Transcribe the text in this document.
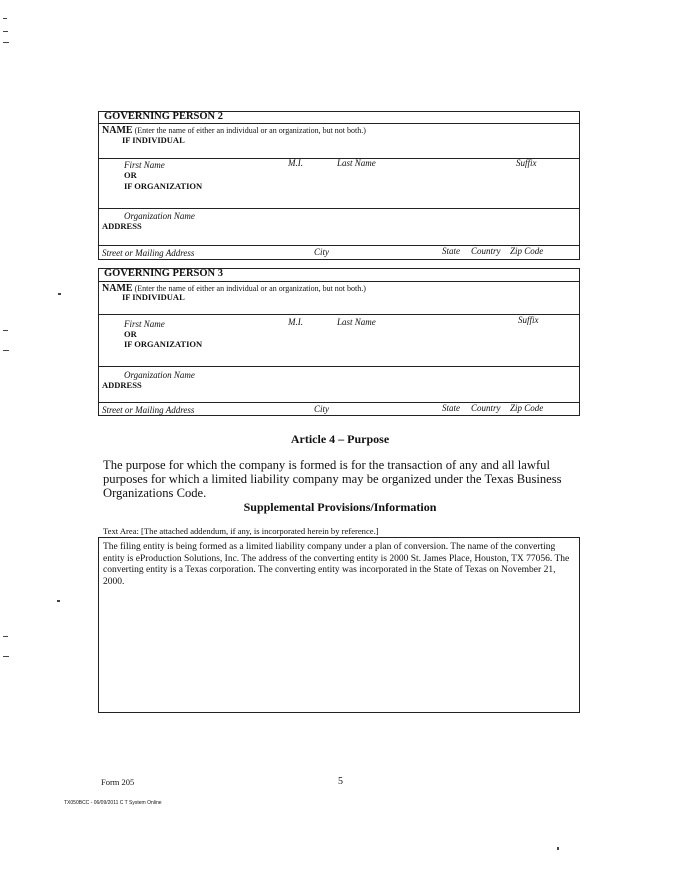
GOVERNING PERSON 2
NAME (Enter the name of either an individual or an organization, but not both.)
IF INDIVIDUAL
First Name	M.I.	Last Name	Suffix
OR
IF ORGANIZATION
Organization Name
ADDRESS
Street or Mailing Address	City	State Country Zip Code
GOVERNING PERSON 3
NAME (Enter the name of either an individual or an organization, but not both.)
IF INDIVIDUAL
First Name	M.I.	Last Name	Suffix
OR
IF ORGANIZATION
Organization Name
ADDRESS
Street or Mailing Address	City	State Country Zip Code
Article 4 – Purpose
The purpose for which the company is formed is for the transaction of any and all lawful purposes for which a limited liability company may be organized under the Texas Business Organizations Code.
Supplemental Provisions/Information
Text Area: [The attached addendum, if any, is incorporated herein by reference.]
The filing entity is being formed as a limited liability company under a plan of conversion. The name of the converting entity is eProduction Solutions, Inc. The address of the converting entity is 2000 St. James Place, Houston, TX 77056. The converting entity is a Texas corporation. The converting entity was incorporated in the State of Texas on November 21, 2000.
Form 205	5
TX050BCC - 06/09/2011 C T System Online
